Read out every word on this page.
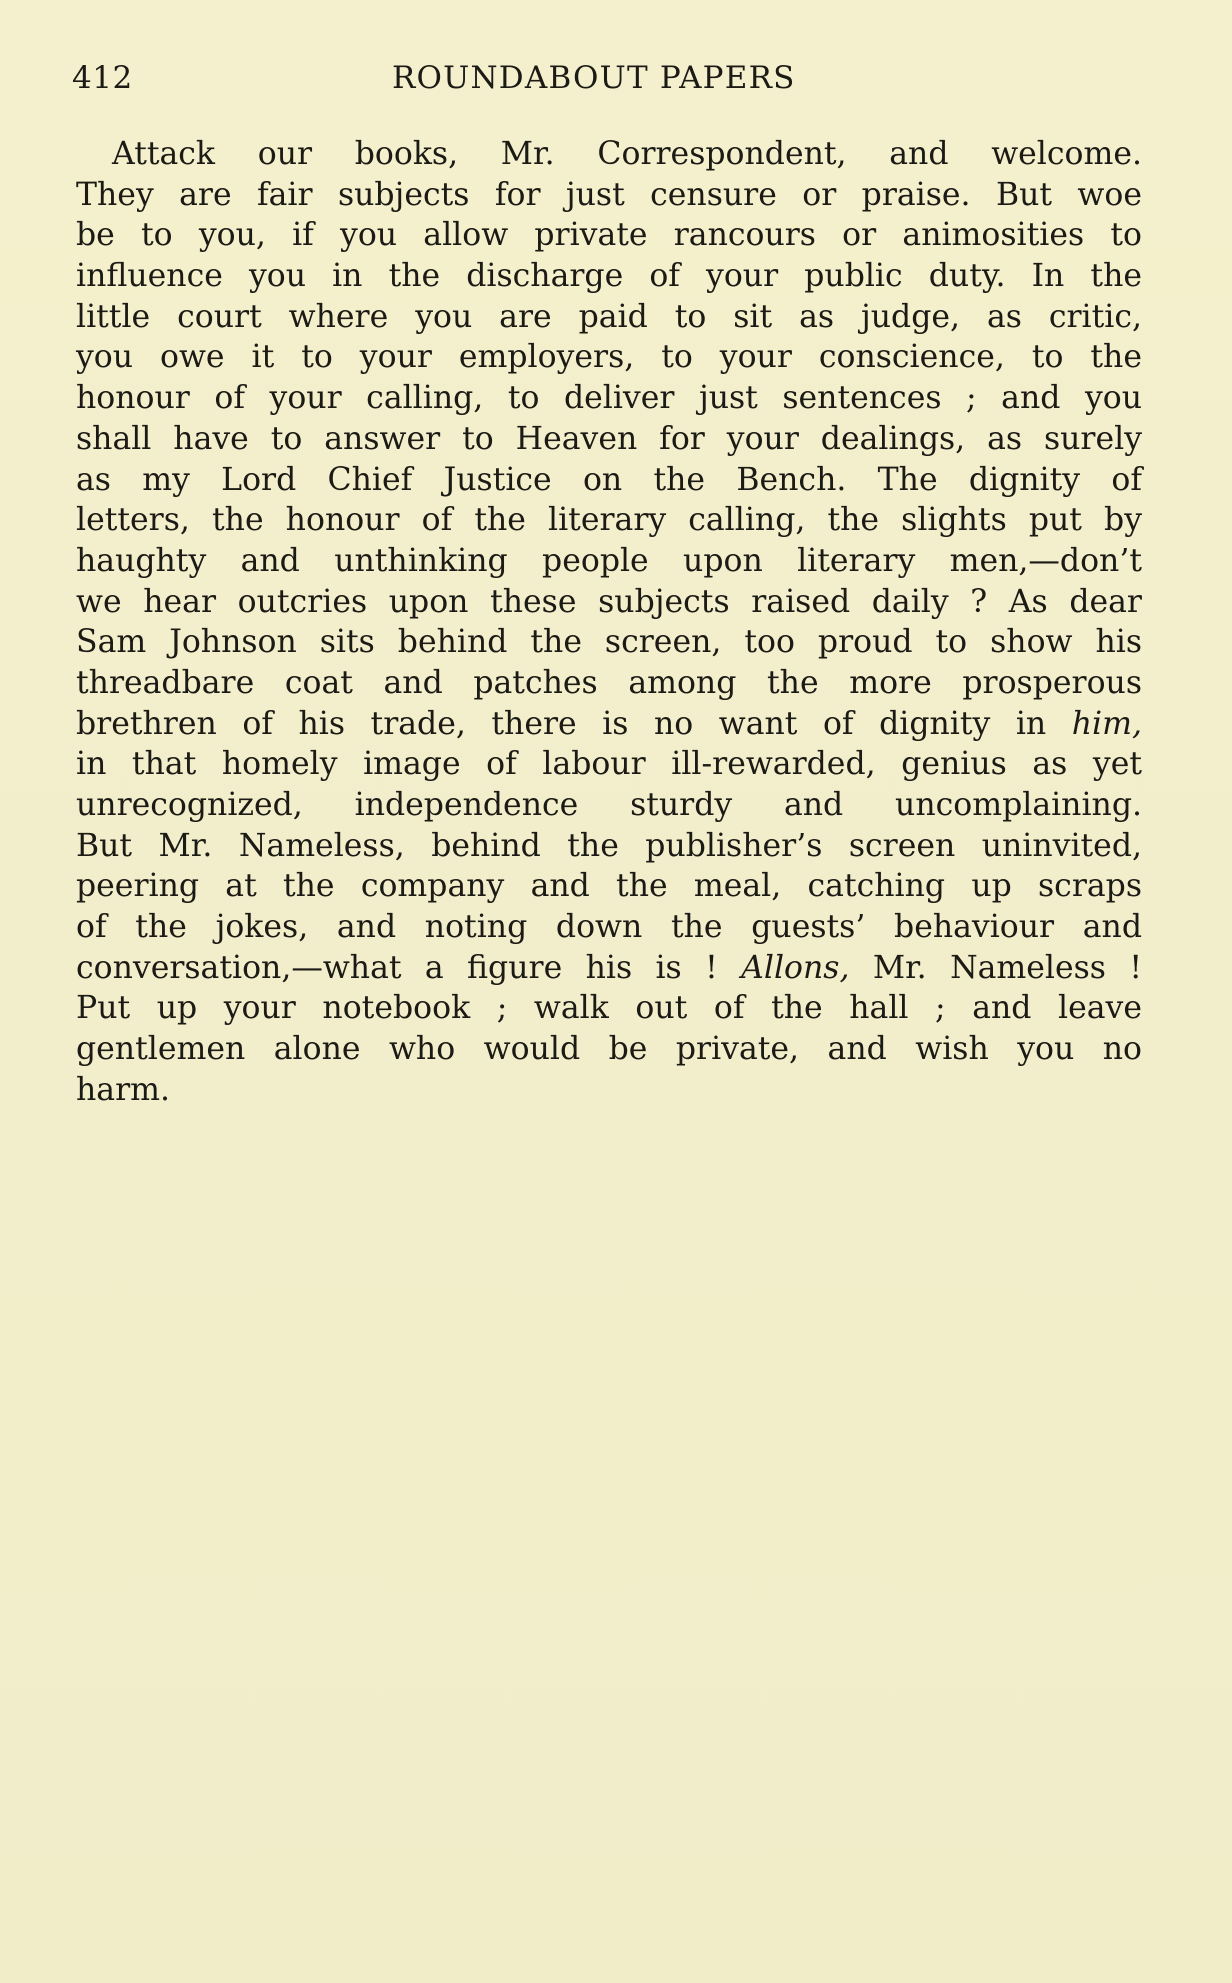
412	ROUNDABOUT PAPERS
Attack our books, Mr. Correspondent, and welcome.
They are fair subjects for just censure or praise. But woe
be to you, if you allow private rancours or animosities to
influence you in the discharge of your public duty. In the
little court where you are paid to sit as judge, as critic,
you owe it to your employers, to your conscience, to the
honour of your calling, to deliver just sentences ; and you
shall have to answer to Heaven for your dealings, as surely
as my Lord Chief Justice on the Bench. The dignity of
letters, the honour of the literary calling, the slights put by
haughty and unthinking people upon literary men,—don’t
we hear outcries upon these subjects raised daily ? As dear
Sam Johnson sits behind the screen, too proud to show his
threadbare coat and patches among the more prosperous
brethren of his trade, there is no want of dignity in him,
in that homely image of labour ill-rewarded, genius as yet
unrecognized, independence sturdy and uncomplaining.
But Mr. Nameless, behind the publisher’s screen uninvited,
peering at the company and the meal, catching up scraps
of the jokes, and noting down the guests’ behaviour and
conversation,—what a figure his is ! Allons, Mr. Nameless !
Put up your notebook ; walk out of the hall ; and leave
gentlemen alone who would be private, and wish you no
harm.
